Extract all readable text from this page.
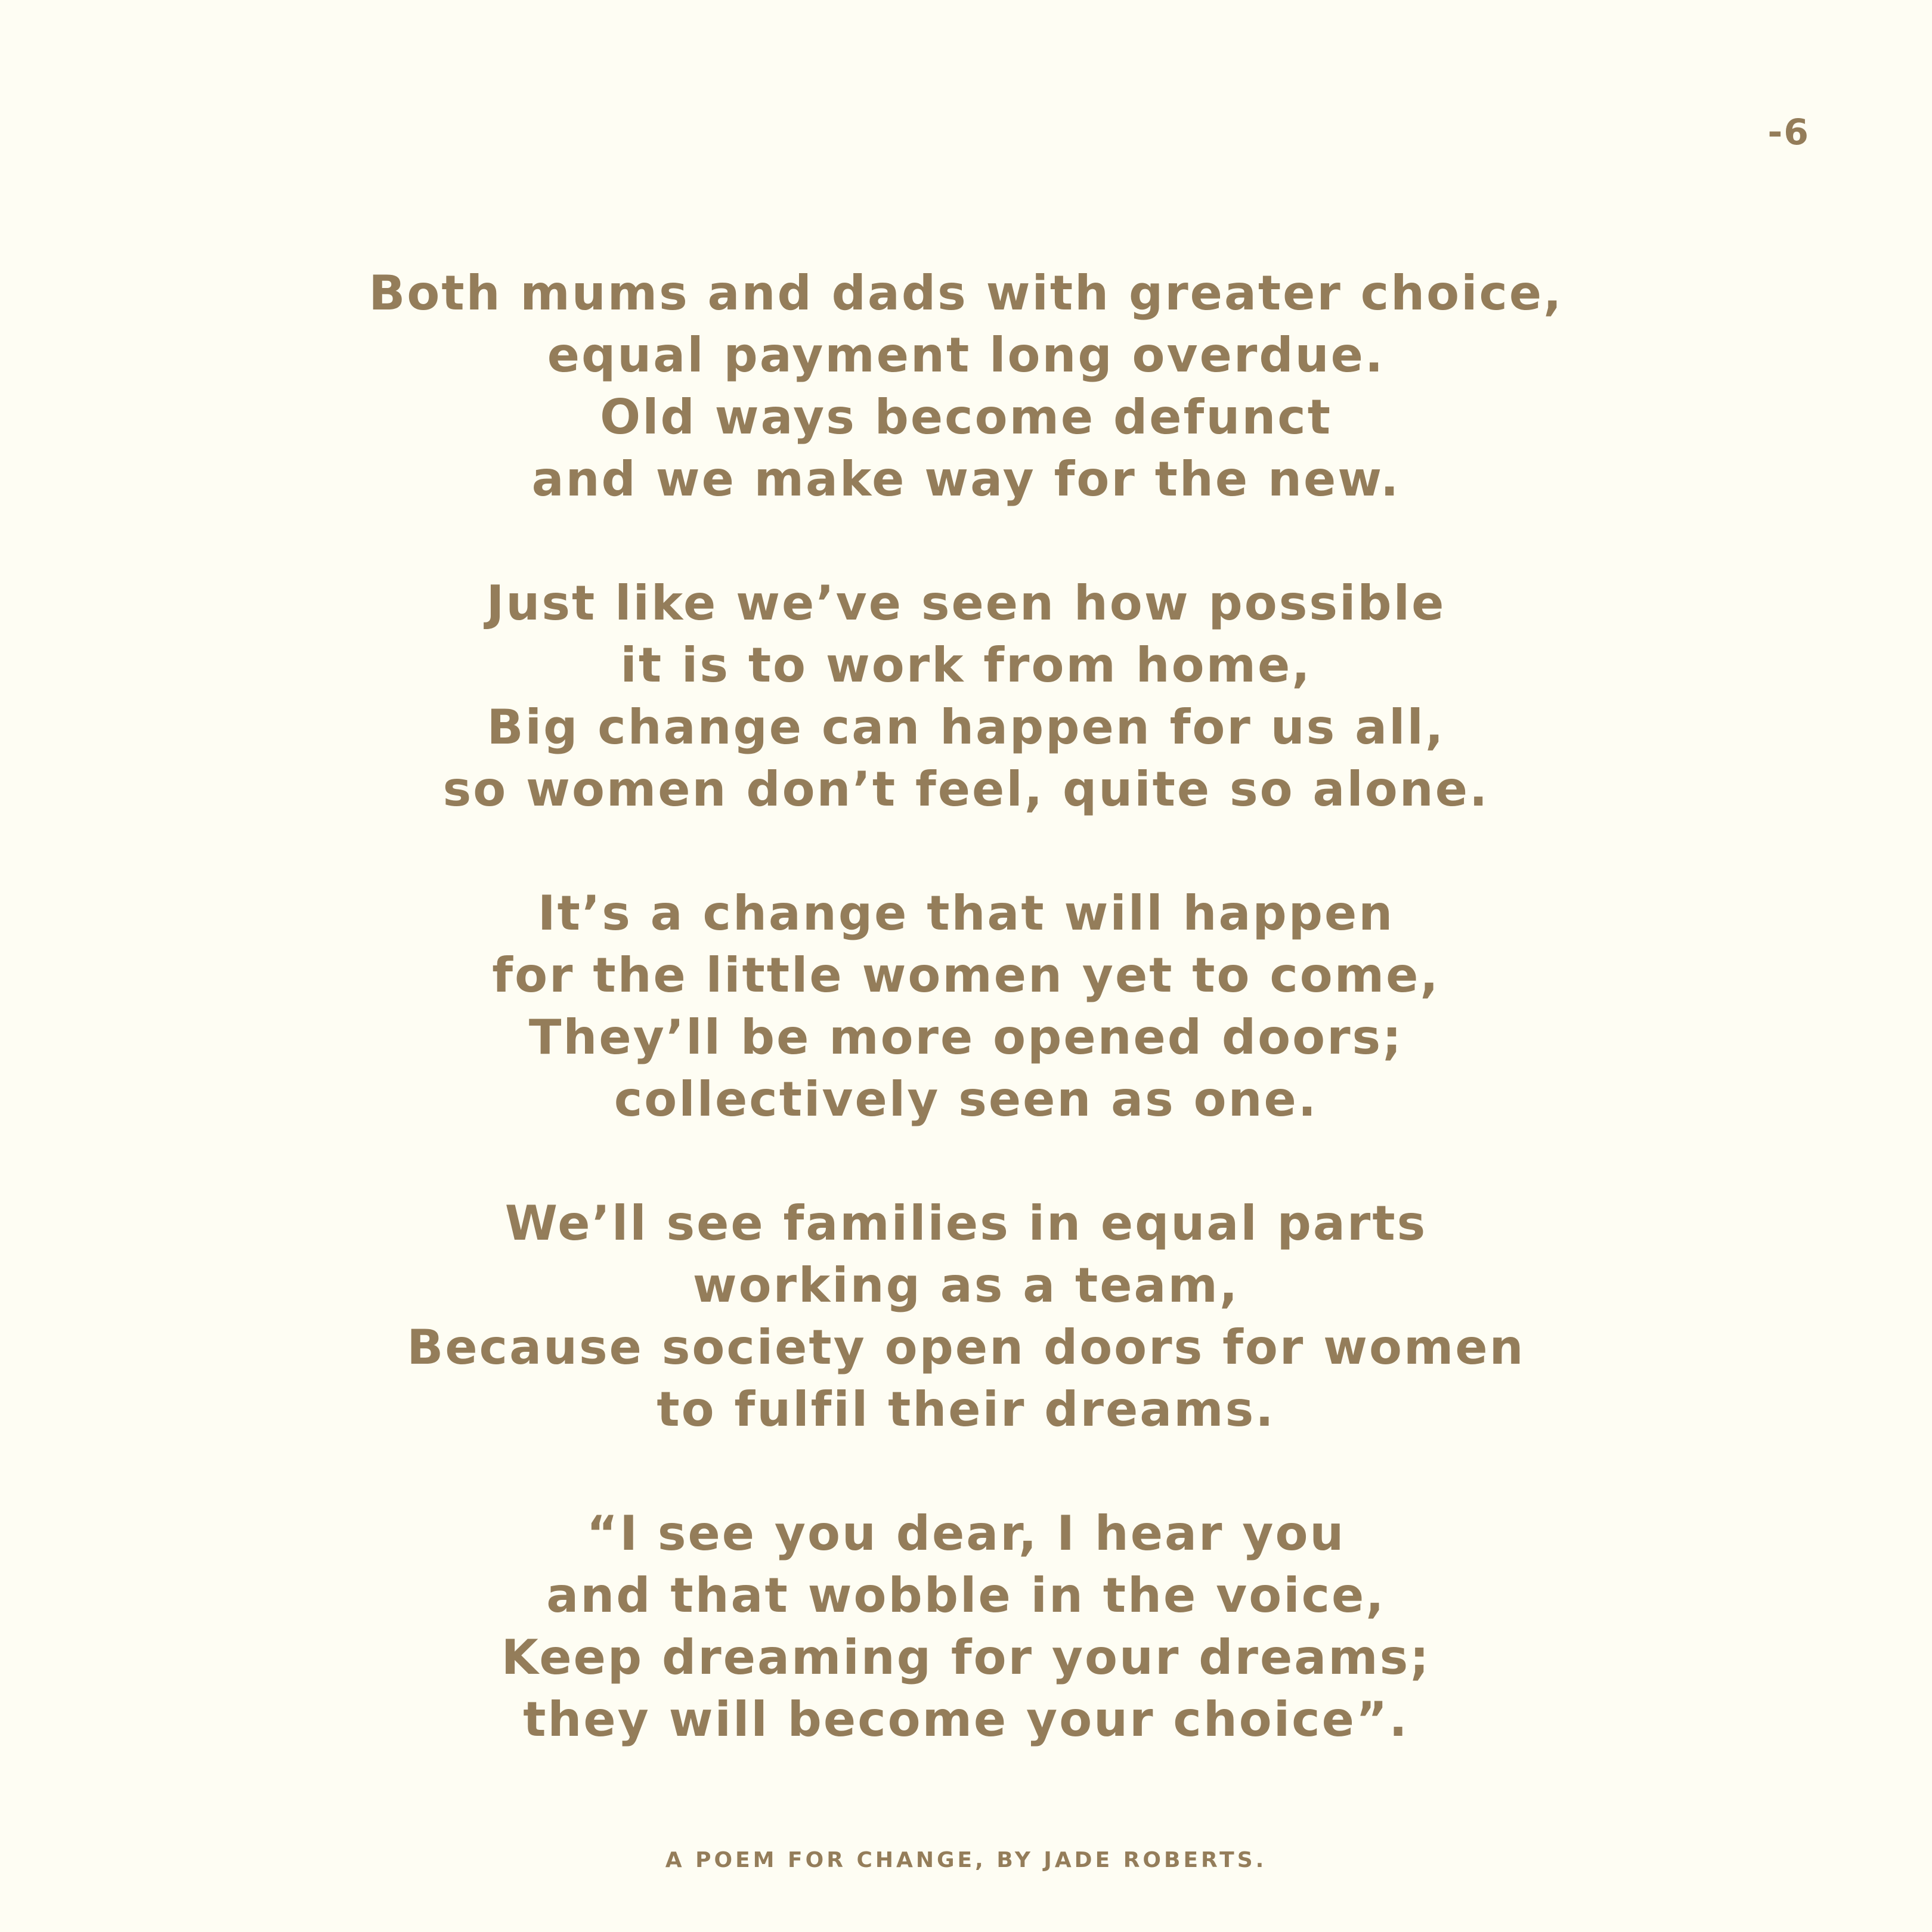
-6
Both mums and dads with greater choice,
equal payment long overdue.
Old ways become defunct
and we make way for the new.
Just like we’ve seen how possible
it is to work from home,
Big change can happen for us all,
so women don’t feel, quite so alone.
It’s a change that will happen
for the little women yet to come,
They’ll be more opened doors;
collectively seen as one.
We’ll see families in equal parts
working as a team,
Because society open doors for women
to fulfil their dreams.
“I see you dear, I hear you
and that wobble in the voice,
Keep dreaming for your dreams;
they will become your choice”.
A POEM FOR CHANGE, BY JADE ROBERTS.
